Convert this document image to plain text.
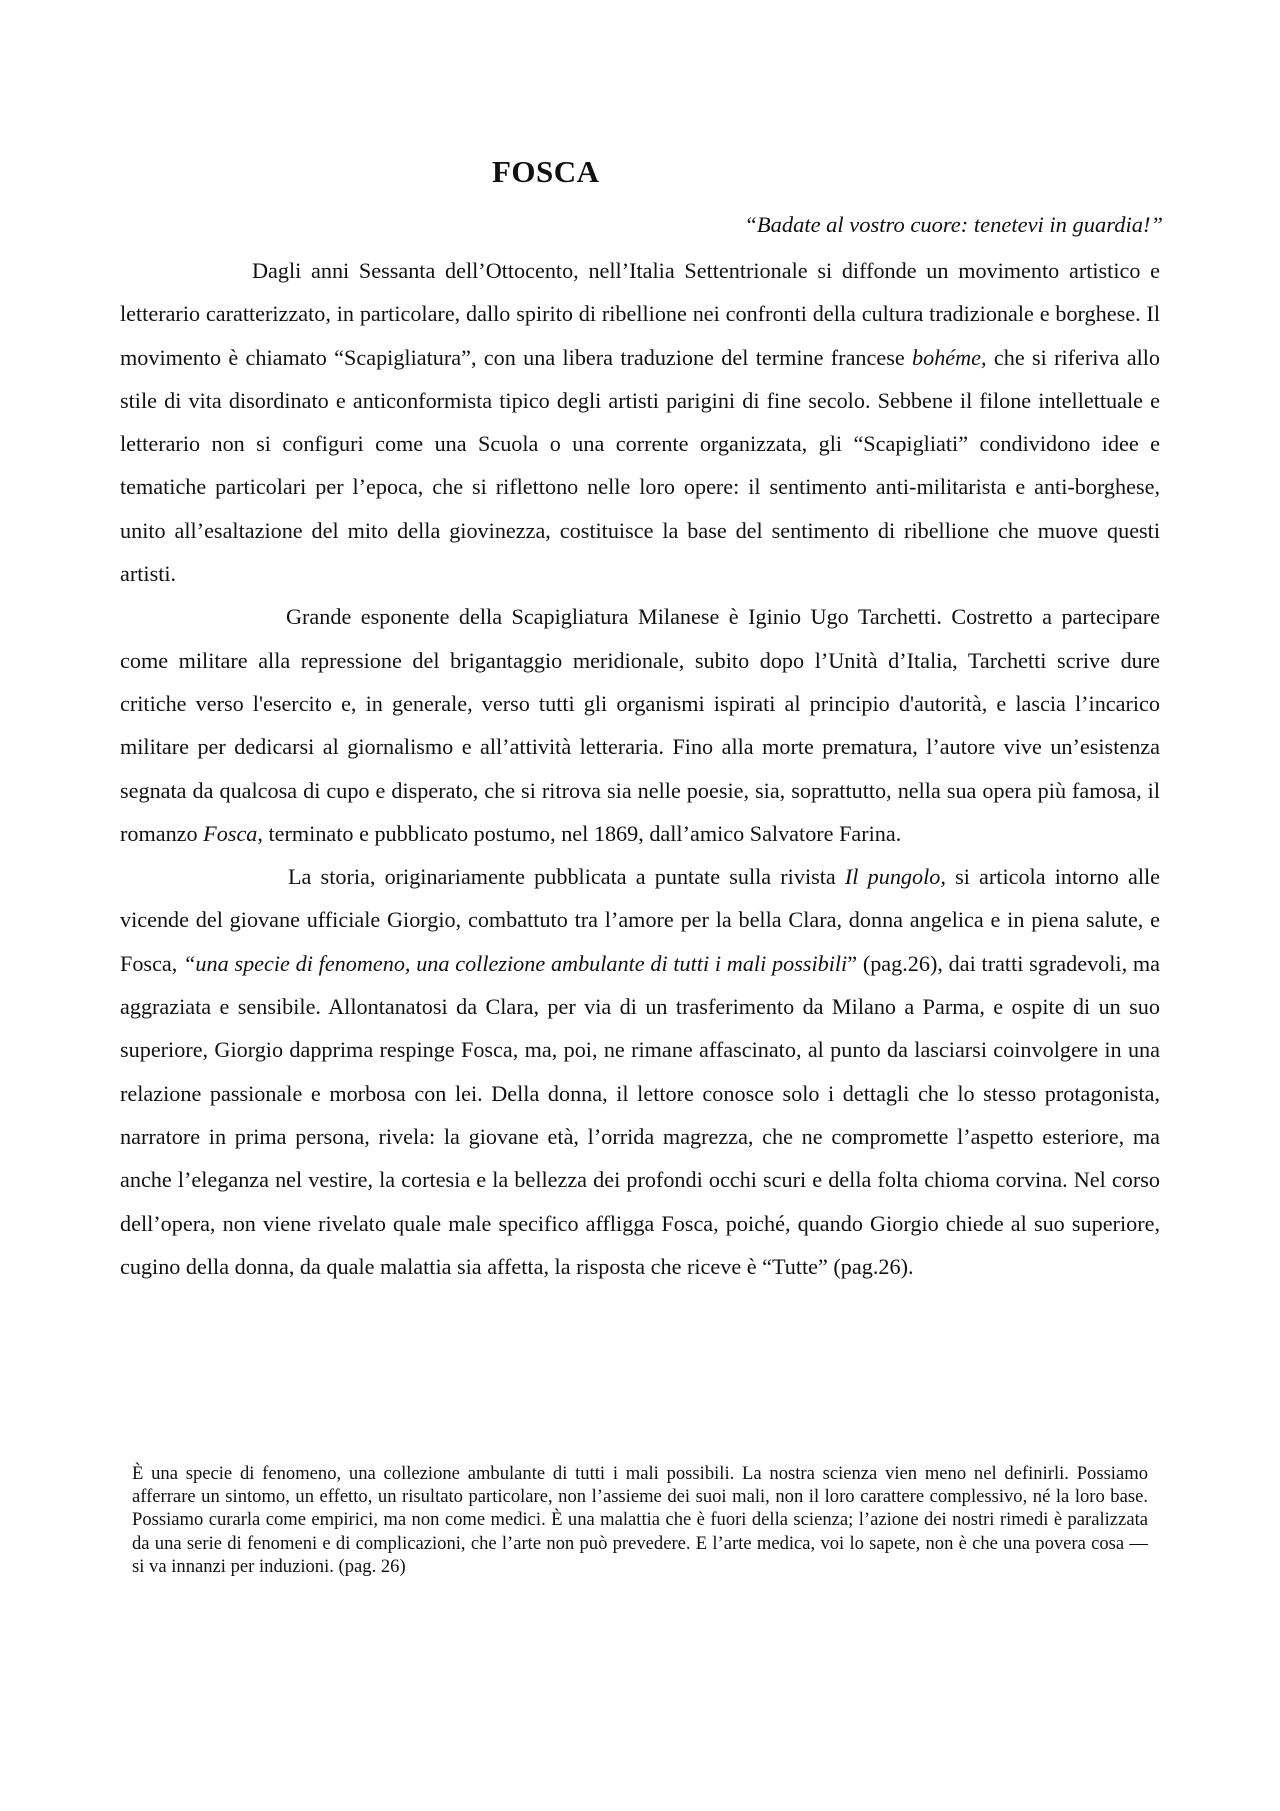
FOSCA

“Badate al vostro cuore: tenetevi in guardia!”

Dagli anni Sessanta dell’Ottocento, nell’Italia Settentrionale si diffonde un movimento artistico e letterario caratterizzato, in particolare, dallo spirito di ribellione nei confronti della cultura tradizionale e borghese. Il movimento è chiamato “Scapigliatura”, con una libera traduzione del termine francese bohéme, che si riferiva allo stile di vita disordinato e anticonformista tipico degli artisti parigini di fine secolo. Sebbene il filone intellettuale e letterario non si configuri come una Scuola o una corrente organizzata, gli “Scapigliati” condividono idee e tematiche particolari per l’epoca, che si riflettono nelle loro opere: il sentimento anti-militarista e anti-borghese, unito all’esaltazione del mito della giovinezza, costituisce la base del sentimento di ribellione che muove questi artisti.

Grande esponente della Scapigliatura Milanese è Iginio Ugo Tarchetti. Costretto a partecipare come militare alla repressione del brigantaggio meridionale, subito dopo l’Unità d’Italia, Tarchetti scrive dure critiche verso l'esercito e, in generale, verso tutti gli organismi ispirati al principio d'autorità, e lascia l’incarico militare per dedicarsi al giornalismo e all’attività letteraria. Fino alla morte prematura, l’autore vive un’esistenza segnata da qualcosa di cupo e disperato, che si ritrova sia nelle poesie, sia, soprattutto, nella sua opera più famosa, il romanzo Fosca, terminato e pubblicato postumo, nel 1869, dall’amico Salvatore Farina.

La storia, originariamente pubblicata a puntate sulla rivista Il pungolo, si articola intorno alle vicende del giovane ufficiale Giorgio, combattuto tra l’amore per la bella Clara, donna angelica e in piena salute, e Fosca, “una specie di fenomeno, una collezione ambulante di tutti i mali possibili” (pag.26), dai tratti sgradevoli, ma aggraziata e sensibile. Allontanatosi da Clara, per via di un trasferimento da Milano a Parma, e ospite di un suo superiore, Giorgio dapprima respinge Fosca, ma, poi, ne rimane affascinato, al punto da lasciarsi coinvolgere in una relazione passionale e morbosa con lei. Della donna, il lettore conosce solo i dettagli che lo stesso protagonista, narratore in prima persona, rivela: la giovane età, l’orrida magrezza, che ne compromette l’aspetto esteriore, ma anche l’eleganza nel vestire, la cortesia e la bellezza dei profondi occhi scuri e della folta chioma corvina. Nel corso dell’opera, non viene rivelato quale male specifico affligga Fosca, poiché, quando Giorgio chiede al suo superiore, cugino della donna, da quale malattia sia affetta, la risposta che riceve è “Tutte” (pag.26).

È una specie di fenomeno, una collezione ambulante di tutti i mali possibili. La nostra scienza vien meno nel definirli. Possiamo afferrare un sintomo, un effetto, un risultato particolare, non l’assieme dei suoi mali, non il loro carattere complessivo, né la loro base. Possiamo curarla come empirici, ma non come medici. È una malattia che è fuori della scienza; l’azione dei nostri rimedi è paralizzata da una serie di fenomeni e di complicazioni, che l’arte non può prevedere. E l’arte medica, voi lo sapete, non è che una povera cosa — si va innanzi per induzioni. (pag. 26)
